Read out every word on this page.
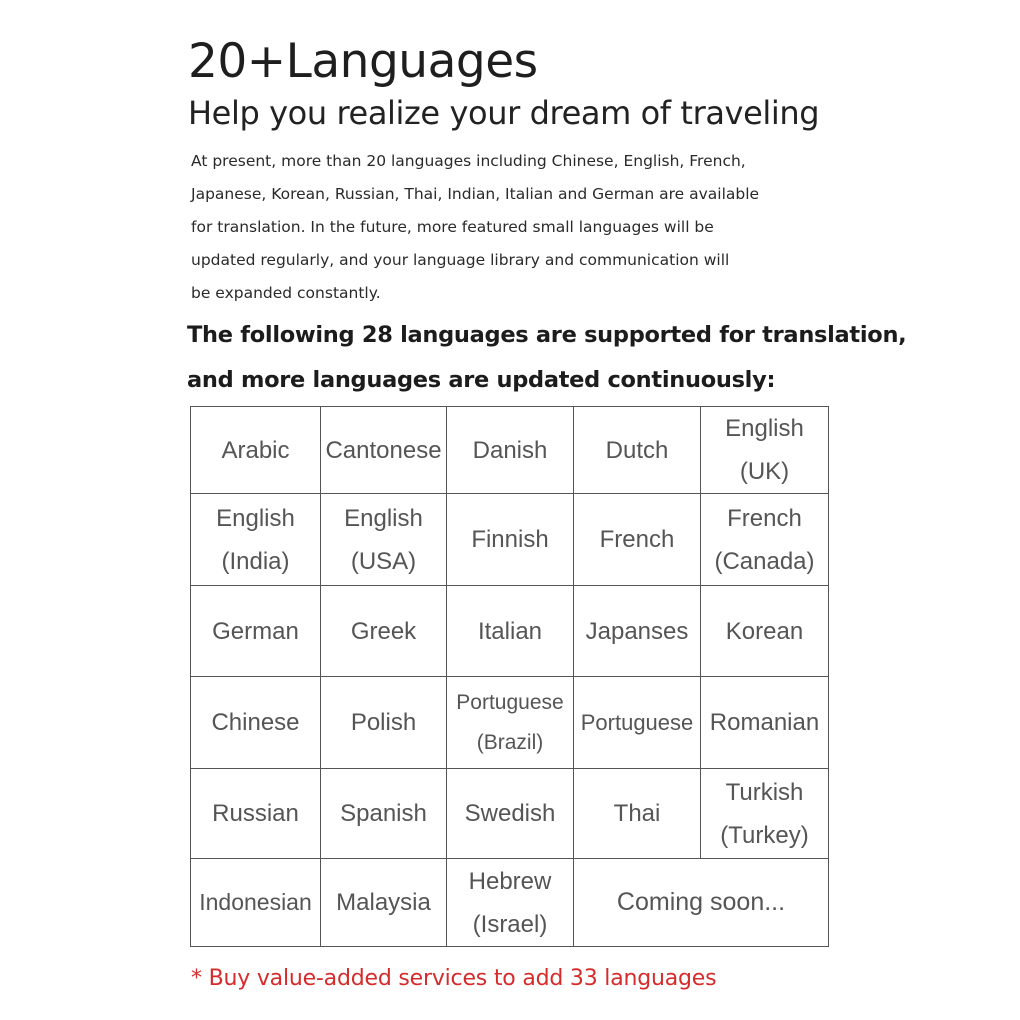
20+Languages
Help you realize your dream of traveling
At present, more than 20 languages including Chinese, English, French,
Japanese, Korean, Russian, Thai, Indian, Italian and German are available
for translation. In the future, more featured small languages will be
updated regularly, and your language library and communication will
be expanded constantly.
The following 28 languages are supported for translation,
and more languages are updated continuously:
Arabic	Cantonese	Danish	Dutch	English
(UK)

English
(India)	English
(USA)	Finnish	French	French
(Canada)

German	Greek	Italian	Japanses	Korean

Chinese	Polish	Portuguese
(Brazil)	Portuguese	Romanian

Russian	Spanish	Swedish	Thai	Turkish
(Turkey)

Indonesian	Malaysia	Hebrew
(Israel)	Coming soon...	
* Buy value-added services to add 33 languages
